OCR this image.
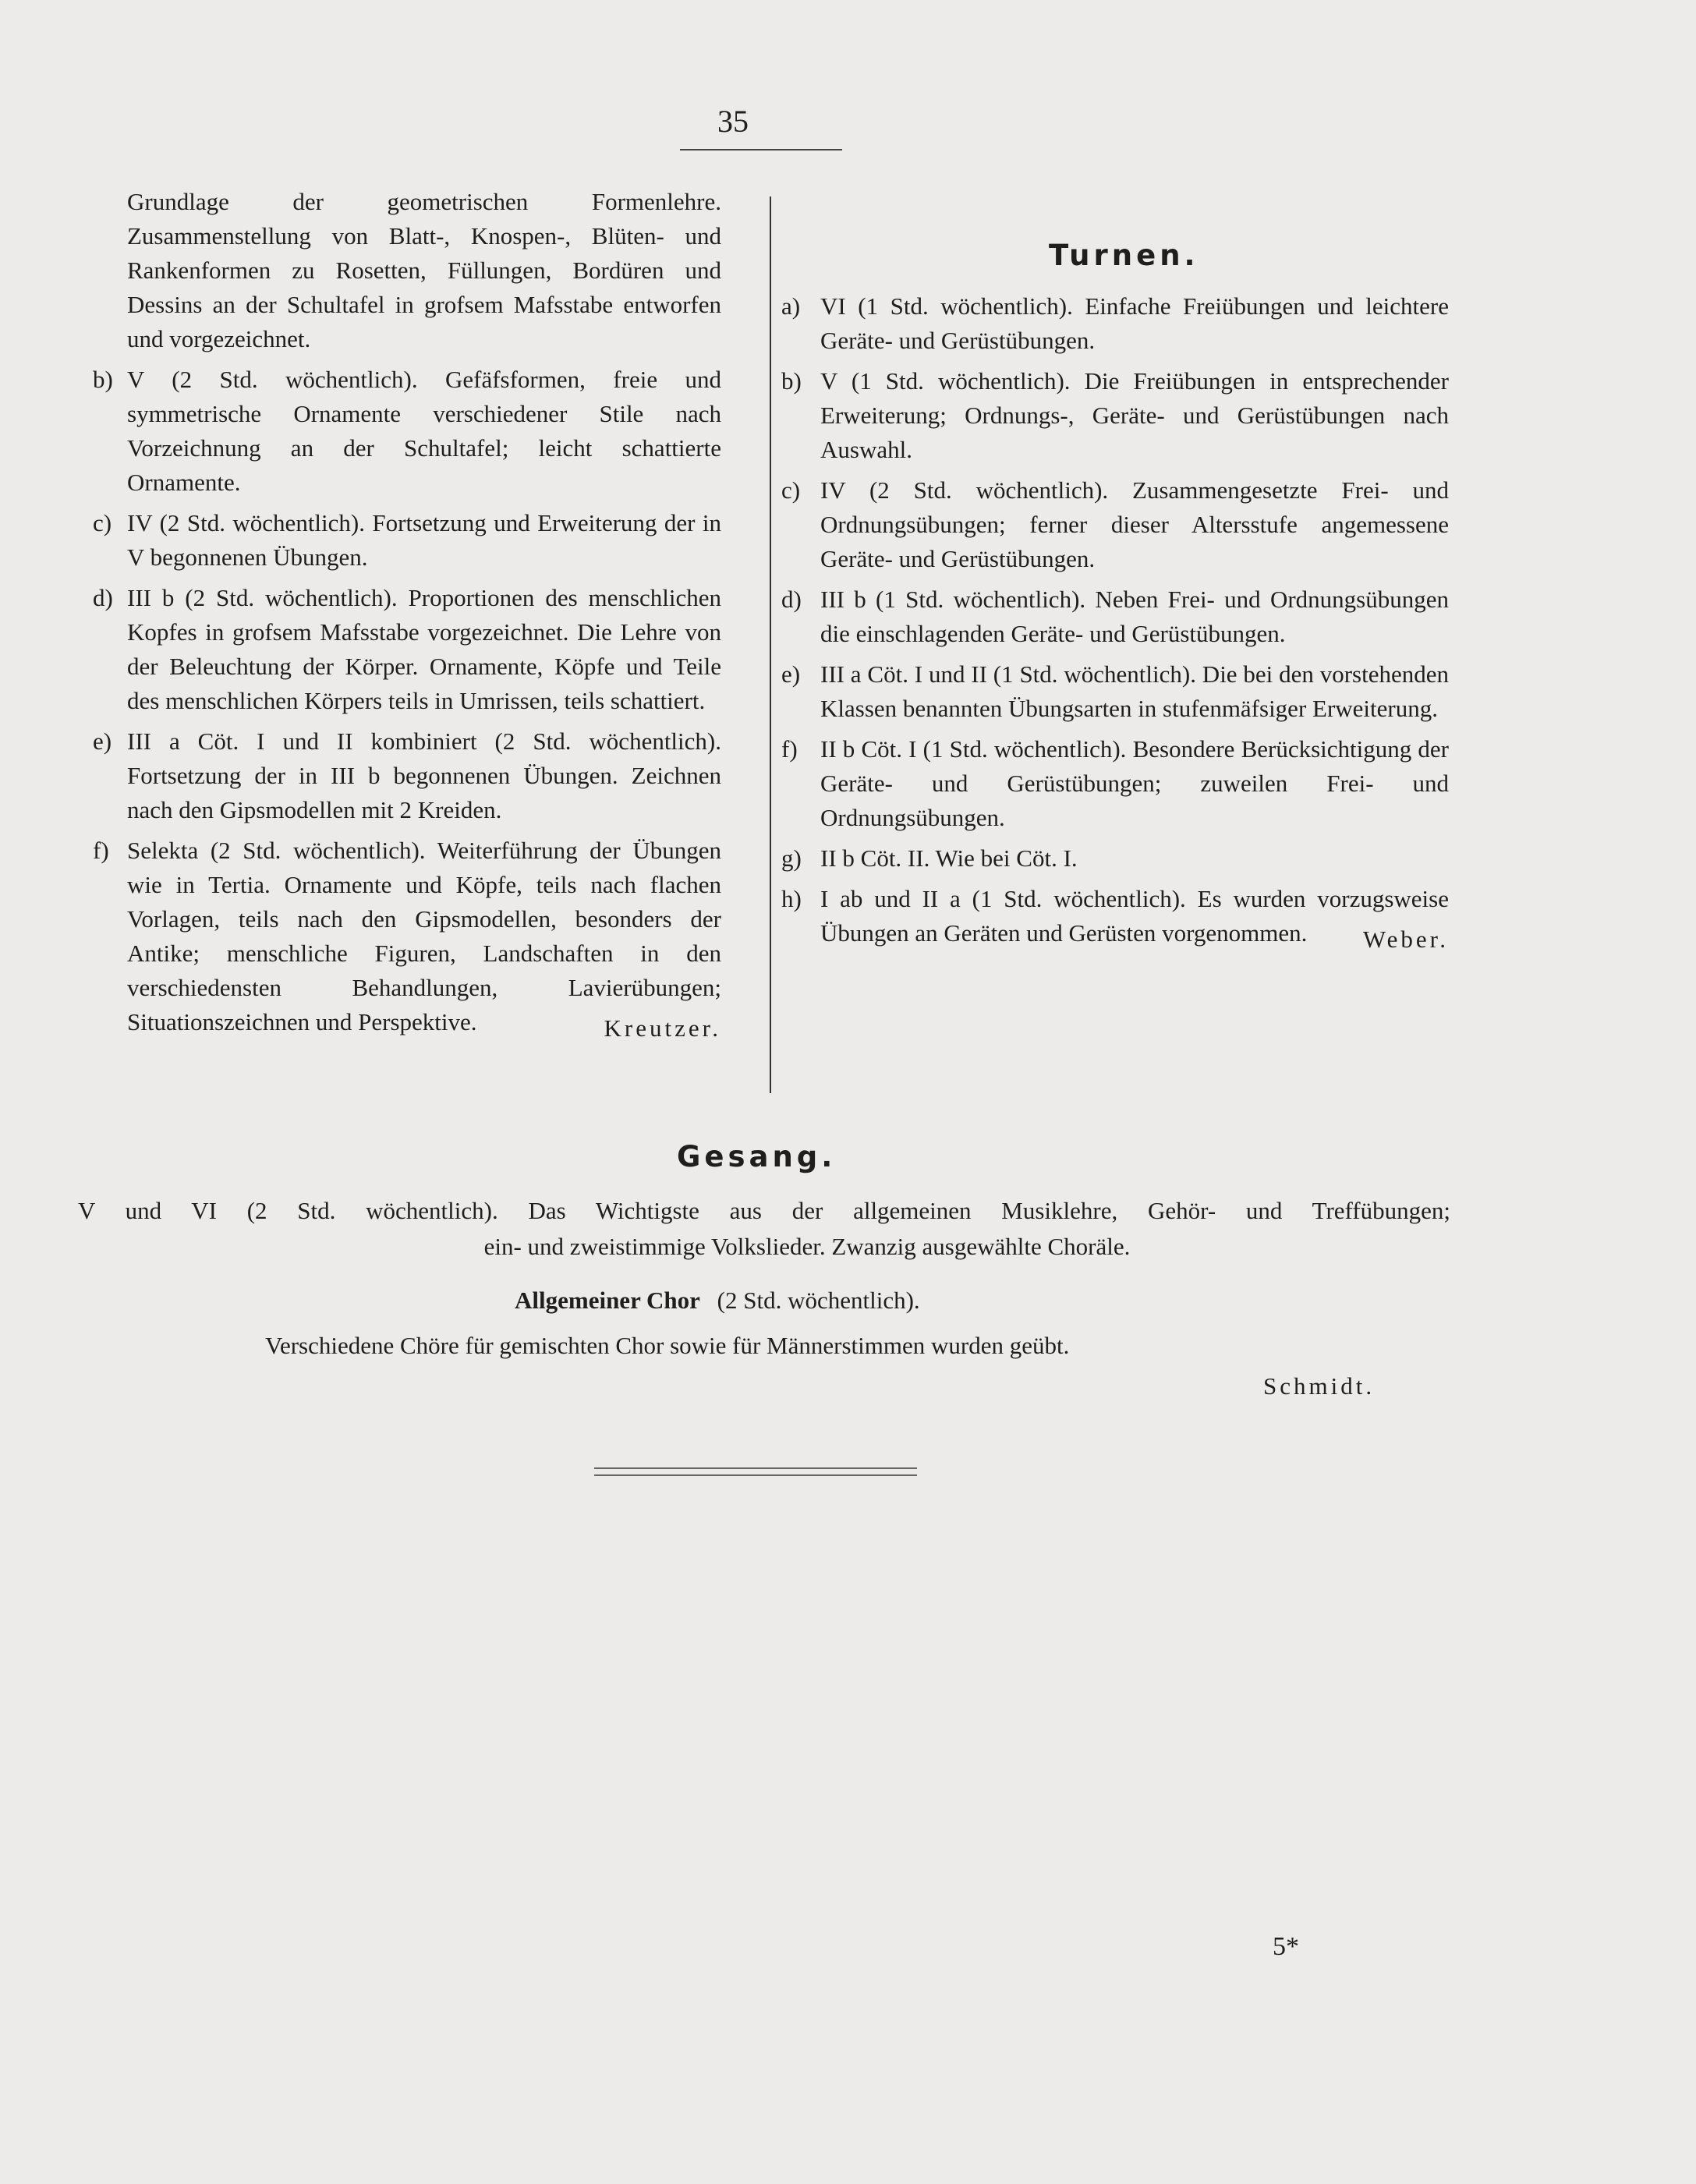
35

Grundlage der geometrischen Formenlehre. Zusammenstellung von Blatt-, Knospen-, Blüten- und Rankenformen zu Rosetten, Füllungen, Bordüren und Dessins an der Schultafel in grofsem Mafsstabe entworfen und vorgezeichnet.

b) V (2 Std. wöchentlich). Gefäfsformen, freie und symmetrische Ornamente verschiedener Stile nach Vorzeichnung an der Schultafel; leicht schattierte Ornamente.
c) IV (2 Std. wöchentlich). Fortsetzung und Erweiterung der in V begonnenen Übungen.
d) III b (2 Std. wöchentlich). Proportionen des menschlichen Kopfes in grofsem Mafsstabe vorgezeichnet. Die Lehre von der Beleuchtung der Körper. Ornamente, Köpfe und Teile des menschlichen Körpers teils in Umrissen, teils schattiert.
e) III a Cöt. I und II kombiniert (2 Std. wöchentlich). Fortsetzung der in III b begonnenen Übungen. Zeichnen nach den Gipsmodellen mit 2 Kreiden.
f) Selekta (2 Std. wöchentlich). Weiterführung der Übungen wie in Tertia. Ornamente und Köpfe, teils nach flachen Vorlagen, teils nach den Gipsmodellen, besonders der Antike; menschliche Figuren, Landschaften in den verschiedensten Behandlungen, Lavierübungen; Situationszeichnen und Perspektive.	Kreutzer.
Turnen.
a) VI (1 Std. wöchentlich). Einfache Freiübungen und leichtere Geräte- und Gerüstübungen.
b) V (1 Std. wöchentlich). Die Freiübungen in entsprechender Erweiterung; Ordnungs-, Geräte- und Gerüstübungen nach Auswahl.
c) IV (2 Std. wöchentlich). Zusammengesetzte Frei- und Ordnungsübungen; ferner dieser Altersstufe angemessene Geräte- und Gerüstübungen.
d) III b (1 Std. wöchentlich). Neben Frei- und Ordnungsübungen die einschlagenden Geräte- und Gerüstübungen.
e) III a Cöt. I und II (1 Std. wöchentlich). Die bei den vorstehenden Klassen benannten Übungsarten in stufenmäfsiger Erweiterung.
f) II b Cöt. I (1 Std. wöchentlich). Besondere Berücksichtigung der Geräte- und Gerüstübungen; zuweilen Frei- und Ordnungsübungen.
g) II b Cöt. II. Wie bei Cöt. I.
h) I ab und II a (1 Std. wöchentlich). Es wurden vorzugsweise Übungen an Geräten und Gerüsten vorgenommen.	Weber.
Gesang.
V und VI (2 Std. wöchentlich). Das Wichtigste aus der allgemeinen Musiklehre, Gehör- und Treffübungen;
ein- und zweistimmige Volkslieder. Zwanzig ausgewählte Choräle.
Allgemeiner Chor (2 Std. wöchentlich).
Verschiedene Chöre für gemischten Chor sowie für Männerstimmen wurden geübt.
Schmidt.
5*
